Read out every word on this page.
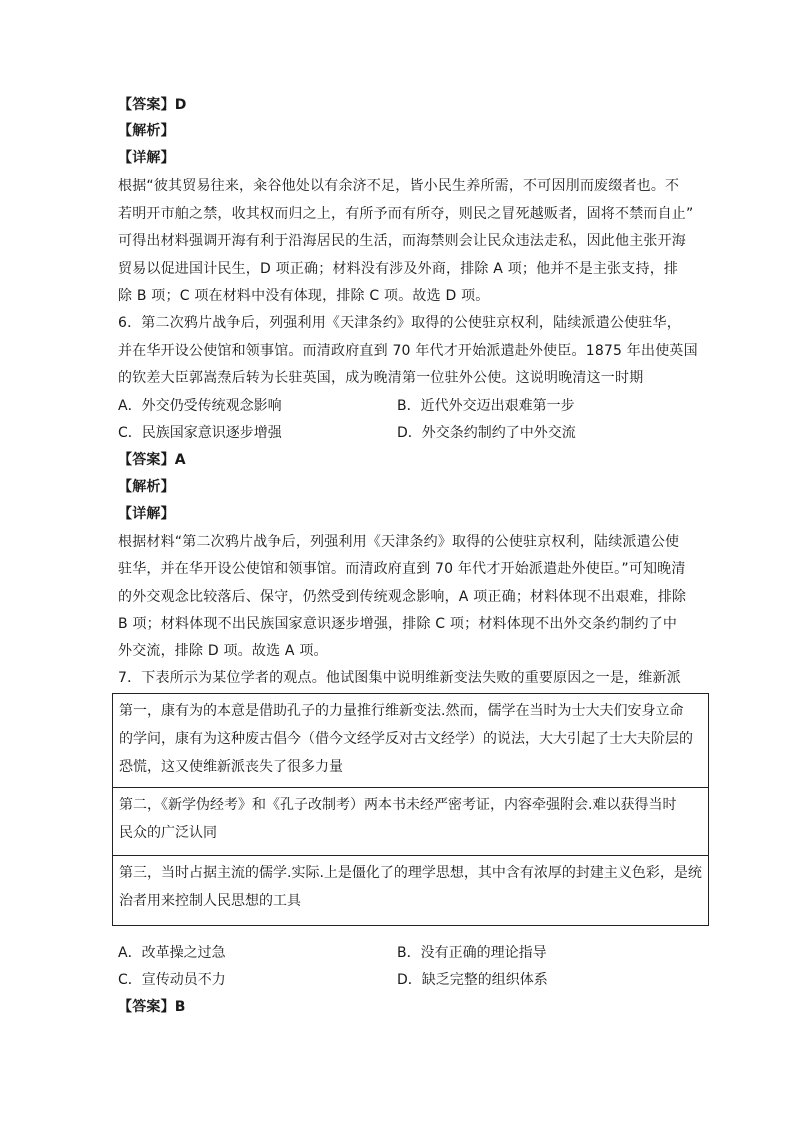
【答案】D
【解析】
【详解】
根据“彼其贸易往来，籴谷他处以有余济不足，皆小民生养所需，不可因刖而废缀者也。不
若明开市舶之禁，收其权而归之上，有所予而有所夺，则民之冒死越贩者，固将不禁而自止”
可得出材料强调开海有利于沿海居民的生活，而海禁则会让民众违法走私，因此他主张开海
贸易以促进国计民生，D 项正确；材料没有涉及外商，排除 A 项；他并不是主张支持，排
除 B 项；C 项在材料中没有体现，排除 C 项。故选 D 项。
6．第二次鸦片战争后，列强利用《天津条约》取得的公使驻京权利，陆续派遣公使驻华，
并在华开设公使馆和领事馆。而清政府直到 70 年代才开始派遣赴外使臣。1875 年出使英国
的钦差大臣郭嵩焘后转为长驻英国，成为晚清第一位驻外公使。这说明晚清这一时期
A．外交仍受传统观念影响	B．近代外交迈出艰难第一步
C．民族国家意识逐步增强	D．外交条约制约了中外交流
【答案】A
【解析】
【详解】
根据材料“第二次鸦片战争后，列强利用《天津条约》取得的公使驻京权利，陆续派遣公使
驻华，并在华开设公使馆和领事馆。而清政府直到 70 年代才开始派遣赴外使臣。”可知晚清
的外交观念比较落后、保守，仍然受到传统观念影响，A 项正确；材料体现不出艰难，排除
B 项；材料体现不出民族国家意识逐步增强，排除 C 项；材料体现不出外交条约制约了中
外交流，排除 D 项。故选 A 项。
7．下表所示为某位学者的观点。他试图集中说明维新变法失败的重要原因之一是，维新派
第一，康有为的本意是借助孔子的力量推行维新变法.然而，儒学在当时为士大夫们安身立命
的学问，康有为这种废古倡今（借今文经学反对古文经学）的说法，大大引起了士大夫阶层的
恐慌，这又使维新派丧失了很多力量

第二，《新学伪经考》和《孔子改制考）两本书未经严密考证，内容牵强附会.难以获得当时
民众的广泛认同

第三，当时占据主流的儒学.实际.上是僵化了的理学思想，其中含有浓厚的封建主义色彩，是统
治者用来控制人民思想的工具
A．改革操之过急	B．没有正确的理论指导
C．宣传动员不力	D．缺乏完整的组织体系
【答案】B
